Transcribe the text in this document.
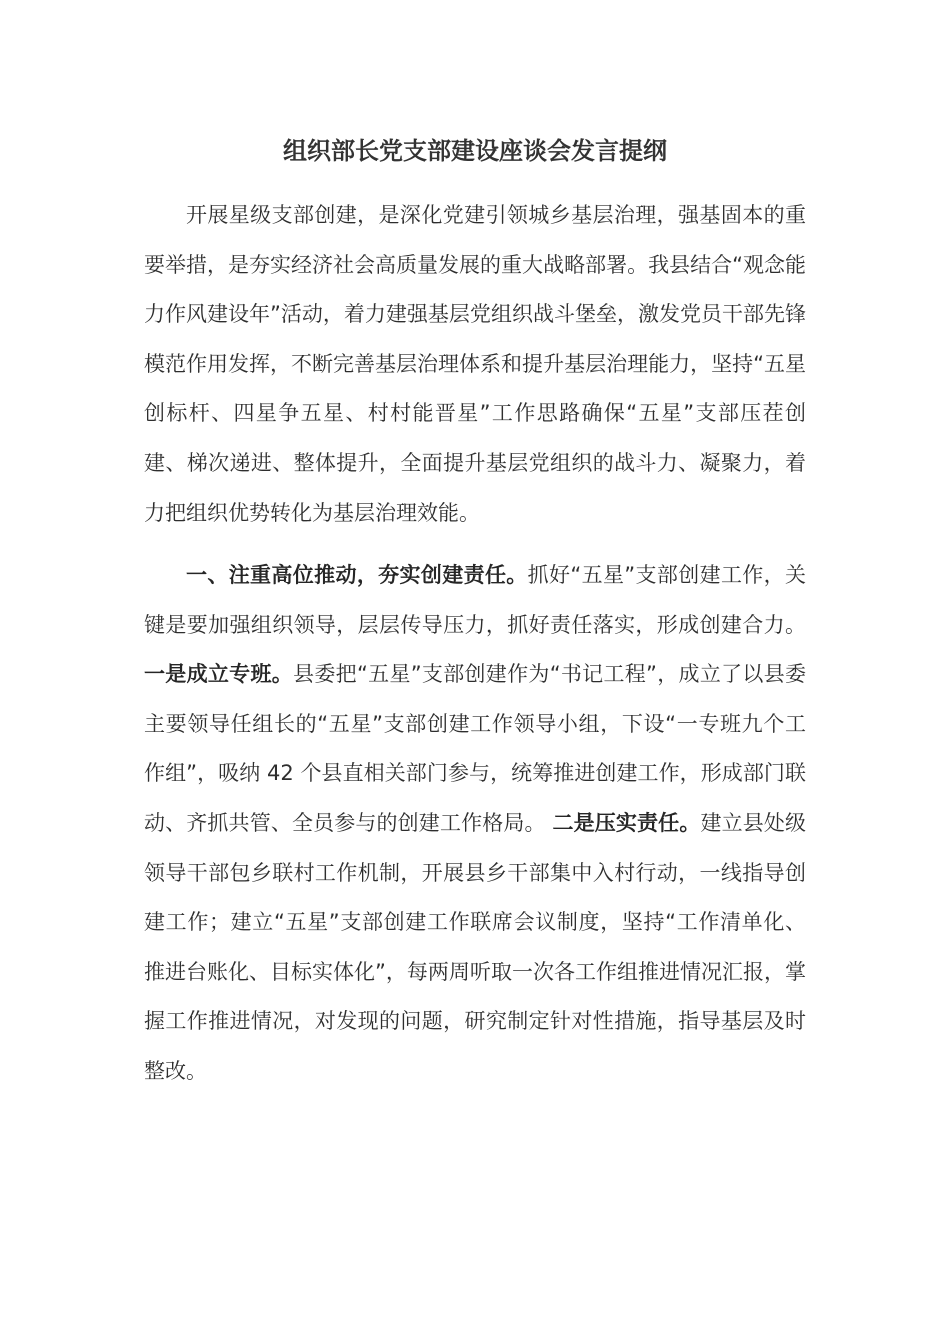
组织部长党支部建设座谈会发言提纲

开展星级支部创建，是深化党建引领城乡基层治理，强基固本的重要举措，是夯实经济社会高质量发展的重大战略部署。我县结合“观念能力作风建设年”活动，着力建强基层党组织战斗堡垒，激发党员干部先锋模范作用发挥，不断完善基层治理体系和提升基层治理能力，坚持“五星创标杆、四星争五星、村村能晋星”工作思路确保“五星”支部压茬创建、梯次递进、整体提升，全面提升基层党组织的战斗力、凝聚力，着力把组织优势转化为基层治理效能。

一、注重高位推动，夯实创建责任。抓好“五星”支部创建工作，关键是要加强组织领导，层层传导压力，抓好责任落实，形成创建合力。一是成立专班。县委把“五星”支部创建作为“书记工程”，成立了以县委主要领导任组长的“五星”支部创建工作领导小组，下设“一专班九个工作组”，吸纳 42 个县直相关部门参与，统筹推进创建工作，形成部门联动、齐抓共管、全员参与的创建工作格局。 二是压实责任。建立县处级领导干部包乡联村工作机制，开展县乡干部集中入村行动，一线指导创建工作；建立“五星”支部创建工作联席会议制度，坚持“工作清单化、推进台账化、目标实体化”，每两周听取一次各工作组推进情况汇报，掌握工作推进情况，对发现的问题，研究制定针对性措施，指导基层及时整改。
